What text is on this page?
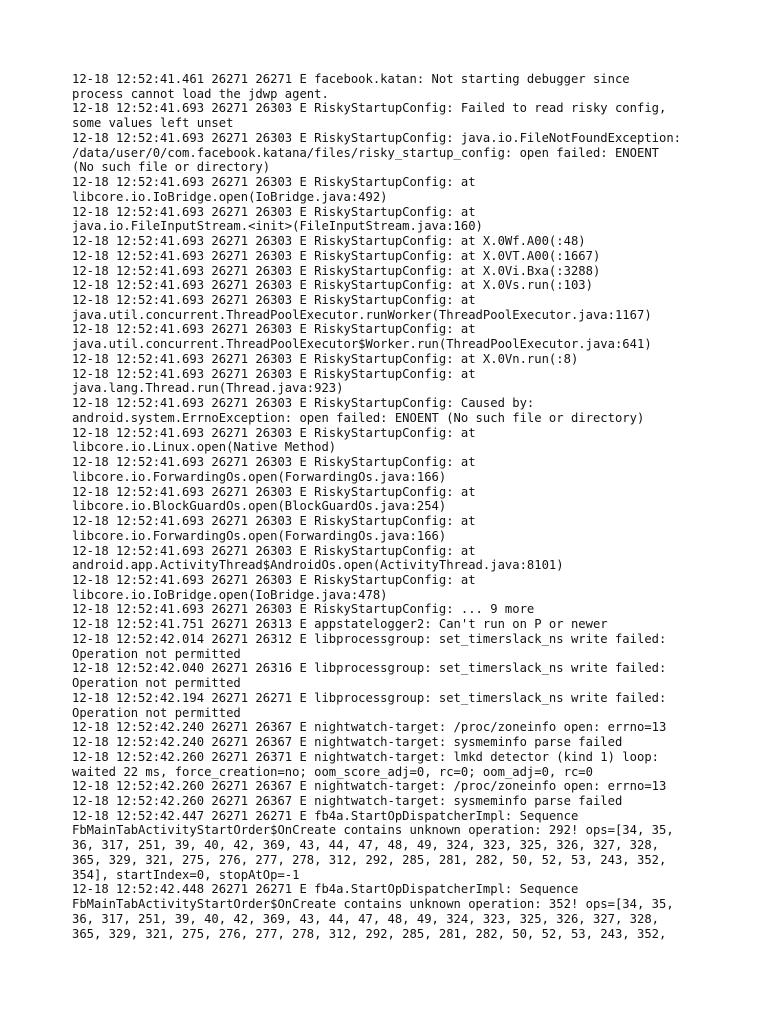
12-18 12:52:41.461 26271 26271 E facebook.katan: Not starting debugger since
process cannot load the jdwp agent.
12-18 12:52:41.693 26271 26303 E RiskyStartupConfig: Failed to read risky config,
some values left unset
12-18 12:52:41.693 26271 26303 E RiskyStartupConfig: java.io.FileNotFoundException:
/data/user/0/com.facebook.katana/files/risky_startup_config: open failed: ENOENT
(No such file or directory)
12-18 12:52:41.693 26271 26303 E RiskyStartupConfig: at
libcore.io.IoBridge.open(IoBridge.java:492)
12-18 12:52:41.693 26271 26303 E RiskyStartupConfig: at
java.io.FileInputStream.<init>(FileInputStream.java:160)
12-18 12:52:41.693 26271 26303 E RiskyStartupConfig: at X.0Wf.A00(:48)
12-18 12:52:41.693 26271 26303 E RiskyStartupConfig: at X.0VT.A00(:1667)
12-18 12:52:41.693 26271 26303 E RiskyStartupConfig: at X.0Vi.Bxa(:3288)
12-18 12:52:41.693 26271 26303 E RiskyStartupConfig: at X.0Vs.run(:103)
12-18 12:52:41.693 26271 26303 E RiskyStartupConfig: at
java.util.concurrent.ThreadPoolExecutor.runWorker(ThreadPoolExecutor.java:1167)
12-18 12:52:41.693 26271 26303 E RiskyStartupConfig: at
java.util.concurrent.ThreadPoolExecutor$Worker.run(ThreadPoolExecutor.java:641)
12-18 12:52:41.693 26271 26303 E RiskyStartupConfig: at X.0Vn.run(:8)
12-18 12:52:41.693 26271 26303 E RiskyStartupConfig: at
java.lang.Thread.run(Thread.java:923)
12-18 12:52:41.693 26271 26303 E RiskyStartupConfig: Caused by:
android.system.ErrnoException: open failed: ENOENT (No such file or directory)
12-18 12:52:41.693 26271 26303 E RiskyStartupConfig: at
libcore.io.Linux.open(Native Method)
12-18 12:52:41.693 26271 26303 E RiskyStartupConfig: at
libcore.io.ForwardingOs.open(ForwardingOs.java:166)
12-18 12:52:41.693 26271 26303 E RiskyStartupConfig: at
libcore.io.BlockGuardOs.open(BlockGuardOs.java:254)
12-18 12:52:41.693 26271 26303 E RiskyStartupConfig: at
libcore.io.ForwardingOs.open(ForwardingOs.java:166)
12-18 12:52:41.693 26271 26303 E RiskyStartupConfig: at
android.app.ActivityThread$AndroidOs.open(ActivityThread.java:8101)
12-18 12:52:41.693 26271 26303 E RiskyStartupConfig: at
libcore.io.IoBridge.open(IoBridge.java:478)
12-18 12:52:41.693 26271 26303 E RiskyStartupConfig: ... 9 more
12-18 12:52:41.751 26271 26313 E appstatelogger2: Can't run on P or newer
12-18 12:52:42.014 26271 26312 E libprocessgroup: set_timerslack_ns write failed:
Operation not permitted
12-18 12:52:42.040 26271 26316 E libprocessgroup: set_timerslack_ns write failed:
Operation not permitted
12-18 12:52:42.194 26271 26271 E libprocessgroup: set_timerslack_ns write failed:
Operation not permitted
12-18 12:52:42.240 26271 26367 E nightwatch-target: /proc/zoneinfo open: errno=13
12-18 12:52:42.240 26271 26367 E nightwatch-target: sysmeminfo parse failed
12-18 12:52:42.260 26271 26371 E nightwatch-target: lmkd detector (kind 1) loop:
waited 22 ms, force_creation=no; oom_score_adj=0, rc=0; oom_adj=0, rc=0
12-18 12:52:42.260 26271 26367 E nightwatch-target: /proc/zoneinfo open: errno=13
12-18 12:52:42.260 26271 26367 E nightwatch-target: sysmeminfo parse failed
12-18 12:52:42.447 26271 26271 E fb4a.StartOpDispatcherImpl: Sequence
FbMainTabActivityStartOrder$OnCreate contains unknown operation: 292! ops=[34, 35,
36, 317, 251, 39, 40, 42, 369, 43, 44, 47, 48, 49, 324, 323, 325, 326, 327, 328,
365, 329, 321, 275, 276, 277, 278, 312, 292, 285, 281, 282, 50, 52, 53, 243, 352,
354], startIndex=0, stopAtOp=-1
12-18 12:52:42.448 26271 26271 E fb4a.StartOpDispatcherImpl: Sequence
FbMainTabActivityStartOrder$OnCreate contains unknown operation: 352! ops=[34, 35,
36, 317, 251, 39, 40, 42, 369, 43, 44, 47, 48, 49, 324, 323, 325, 326, 327, 328,
365, 329, 321, 275, 276, 277, 278, 312, 292, 285, 281, 282, 50, 52, 53, 243, 352,
